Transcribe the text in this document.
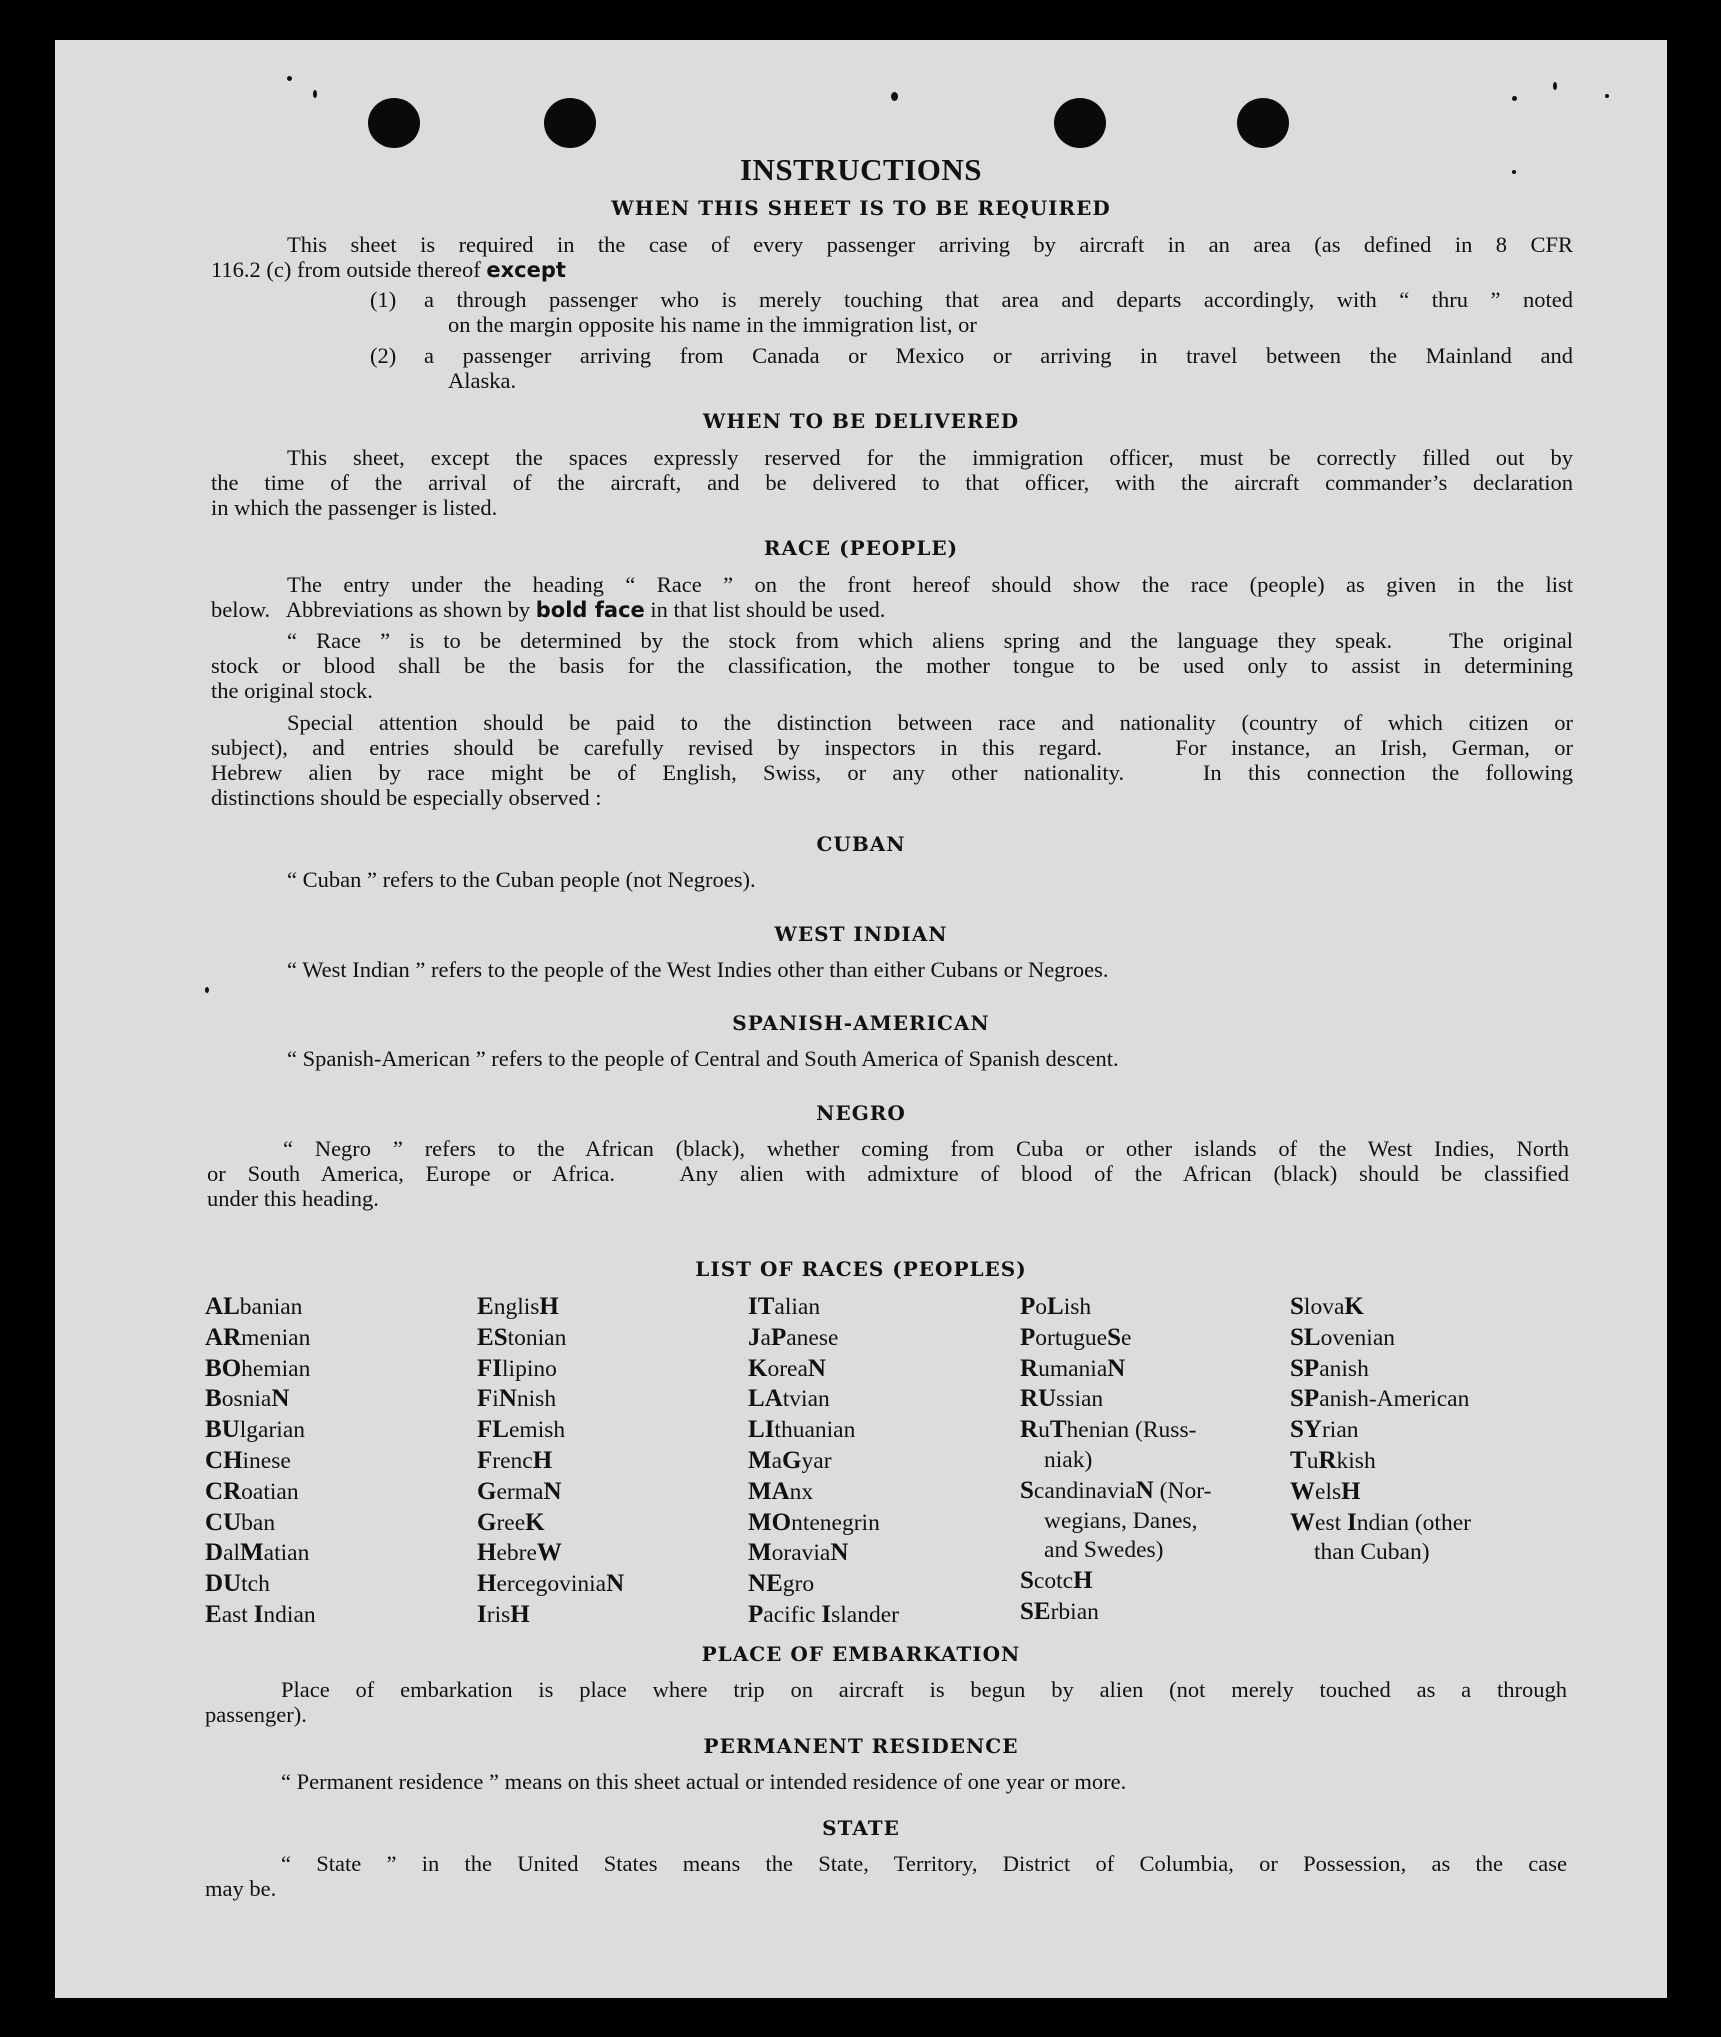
INSTRUCTIONS
WHEN THIS SHEET IS TO BE REQUIRED
This sheet is required in the case of every passenger arriving by aircraft in an area (as defined in 8 CFR
116.2 (c) from outside thereof except
(1) a through passenger who is merely touching that area and departs accordingly, with “ thru ” noted
on the margin opposite his name in the immigration list, or
(2) a passenger arriving from Canada or Mexico or arriving in travel between the Mainland and
Alaska.
WHEN TO BE DELIVERED
This sheet, except the spaces expressly reserved for the immigration officer, must be correctly filled out by
the time of the arrival of the aircraft, and be delivered to that officer, with the aircraft commander’s declaration
in which the passenger is listed.
RACE (PEOPLE)
The entry under the heading “ Race ” on the front hereof should show the race (people) as given in the list
below.   Abbreviations as shown by bold face in that list should be used.
“ Race ” is to be determined by the stock from which aliens spring and the language they speak.   The original
stock or blood shall be the basis for the classification, the mother tongue to be used only to assist in determining
the original stock.
Special attention should be paid to the distinction between race and nationality (country of which citizen or
subject), and entries should be carefully revised by inspectors in this regard.   For instance, an Irish, German, or
Hebrew alien by race might be of English, Swiss, or any other nationality.   In this connection the following
distinctions should be especially observed :
CUBAN
“ Cuban ” refers to the Cuban people (not Negroes).
WEST INDIAN
“ West Indian ” refers to the people of the West Indies other than either Cubans or Negroes.
SPANISH-AMERICAN
“ Spanish-American ” refers to the people of Central and South America of Spanish descent.
NEGRO
“ Negro ” refers to the African (black), whether coming from Cuba or other islands of the West Indies, North
or South America, Europe or Africa.   Any alien with admixture of blood of the African (black) should be classified
under this heading.
LIST OF RACES (PEOPLES)
ALbanian
ARmenian
BOhemian
BosniaN
BUlgarian
CHinese
CRoatian
CUban
DalMatian
DUtch
East Indian
EnglisH
EStonian
FIlipino
FiNnish
FLemish
FrencH
GermaN
GreeK
HebreW
HercegoviniaN
IrisH
ITalian
JaPanese
KoreaN
LAtvian
LIthuanian
MaGyar
MAnx
MOntenegrin
MoraviaN
NEgro
Pacific Islander
PoLish
PortugueSe
RumaniaN
RUssian
RuThenian (Russ-
niak)
ScandinaviaN (Nor-
wegians, Danes,
and Swedes)
ScotcH
SErbian
SlovaK
SLovenian
SPanish
SPanish-American
SYrian
TuRkish
WelsH
West Indian (other
than Cuban)
PLACE OF EMBARKATION
Place of embarkation is place where trip on aircraft is begun by alien (not merely touched as a through
passenger).
PERMANENT RESIDENCE
“ Permanent residence ” means on this sheet actual or intended residence of one year or more.
STATE
“ State ” in the United States means the State, Territory, District of Columbia, or Possession, as the case
may be.
